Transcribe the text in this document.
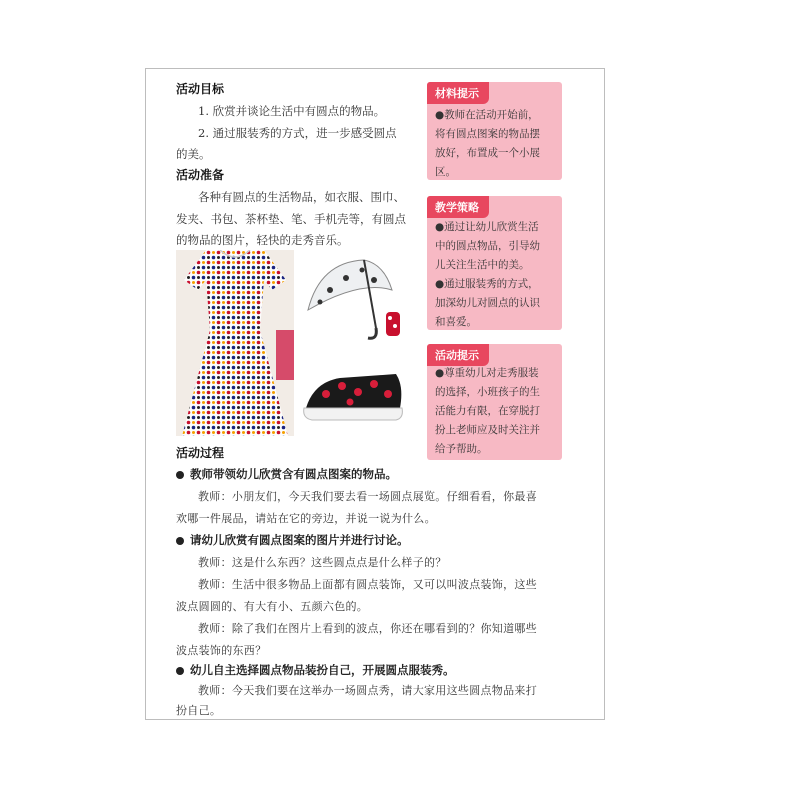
活动目标
1. 欣赏并谈论生活中有圆点的物品。
2. 通过服装秀的方式，进一步感受圆点
的美。
活动准备
各种有圆点的生活物品，如衣服、围巾、
发夹、书包、茶杯垫、笔、手机壳等，有圆点
的物品的图片，轻快的走秀音乐。
材料提示
●教师在活动开始前，
将有圆点图案的物品摆
放好，布置成一个小展
区。
教学策略
●通过让幼儿欣赏生活
中的圆点物品，引导幼
儿关注生活中的美。
●通过服装秀的方式，
加深幼儿对圆点的认识
和喜爱。
活动提示
●尊重幼儿对走秀服装
的选择，小班孩子的生
活能力有限，在穿脱打
扮上老师应及时关注并
给予帮助。
活动过程
教师带领幼儿欣赏含有圆点图案的物品。
教师：小朋友们，今天我们要去看一场圆点展览。仔细看看，你最喜
欢哪一件展品，请站在它的旁边，并说一说为什么。
请幼儿欣赏有圆点图案的图片并进行讨论。
教师：这是什么东西？这些圆点点是什么样子的？
教师：生活中很多物品上面都有圆点装饰，又可以叫波点装饰，这些
波点圆圆的、有大有小、五颜六色的。
教师：除了我们在图片上看到的波点，你还在哪看到的？你知道哪些
波点装饰的东西？
幼儿自主选择圆点物品装扮自己，开展圆点服装秀。
教师：今天我们要在这举办一场圆点秀，请大家用这些圆点物品来打
扮自己。
